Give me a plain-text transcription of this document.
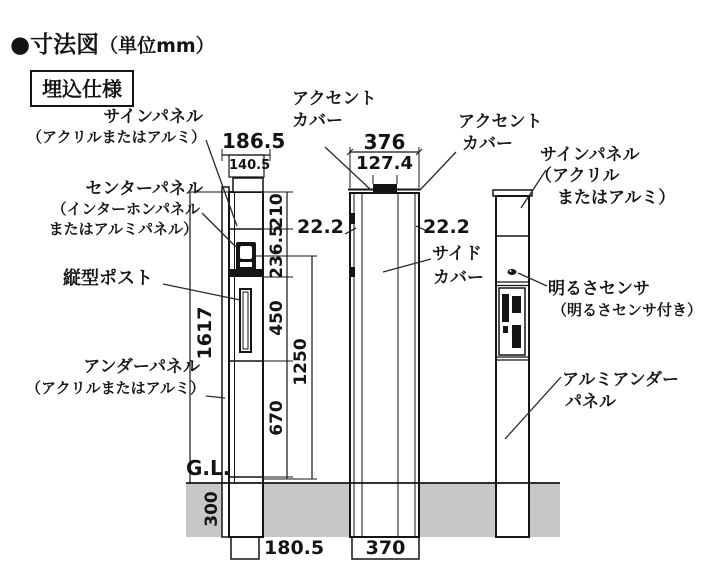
●寸法図（単位mm）
埋込仕様
サインパネル
（アクリルまたはアルミ）
センターパネル
（インターホンパネル
またはアルミパネル）
縦型ポスト
アンダーパネル
（アクリルまたはアルミ）
アクセント
カバー	アクセント
カバー
サイド
カバー
サインパネル
（アクリル
またはアルミ）
明るさセンサ
（明るさセンサ付き）
アルミアンダー
パネル
186.5
140.5
376
127.4
22.2	22.2
G.L.
180.5	370
210
236.5
450
670
1250
1617
300
